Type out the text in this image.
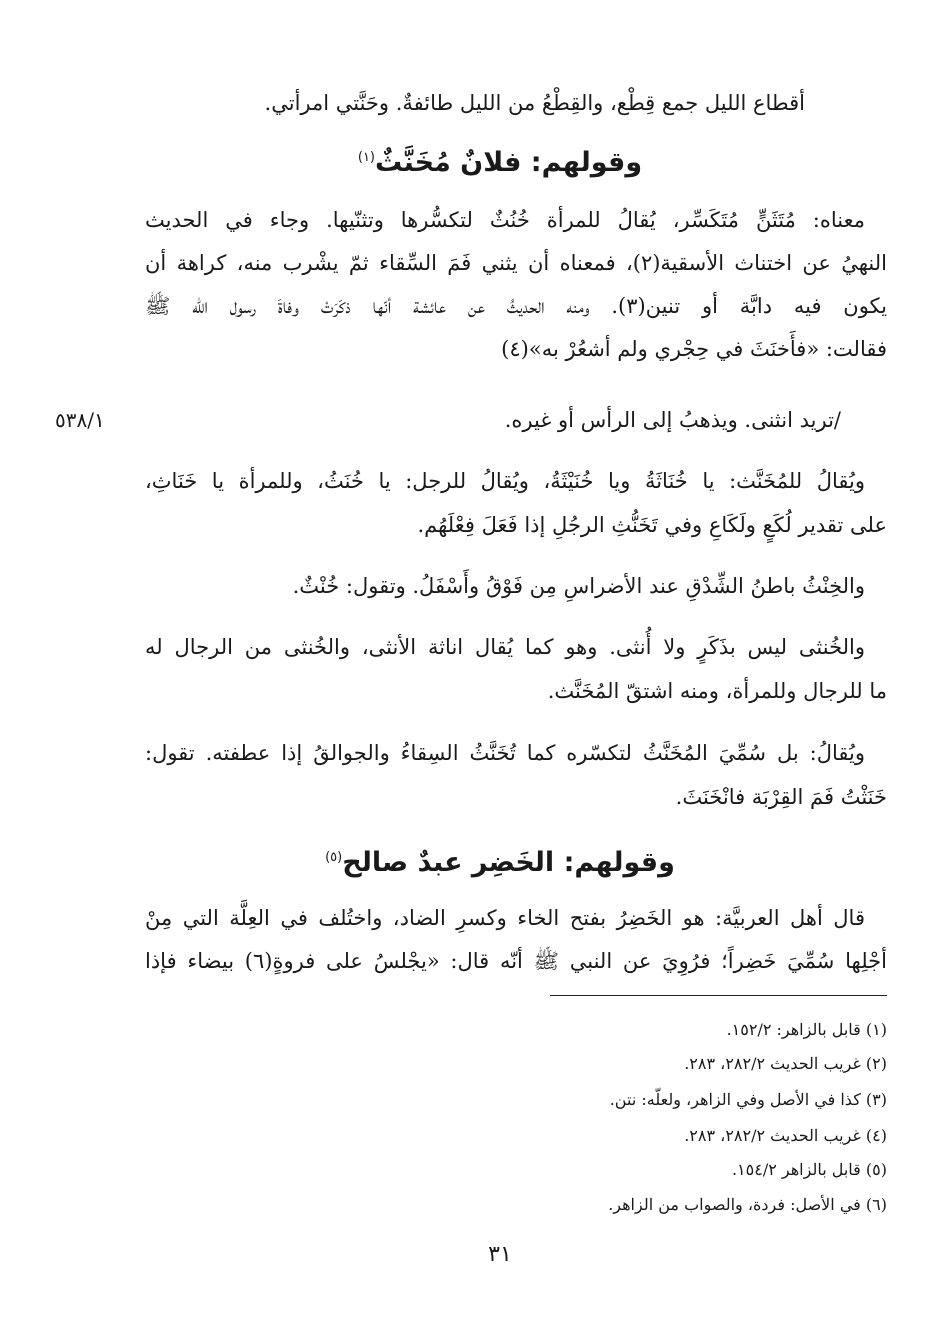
أقطاع الليل جمع قِطْع، والقِطْعُ من الليل طائفةٌ. وحَنَّتي امرأتي.
وقولهم: فلانٌ مُخَنَّثٌ$^{(١)}$
معناه: مُتَثَنٍّ مُتَكَسِّر، يُقالُ للمرأة خُنُثٌ لتكسُّرها وتثنّيها. وجاء في الحديث
النهيُ عن اختناث الأسقية(٢)، فمعناه أن يثني فَمَ السِّقاء ثمّ يشْرب منه، كراهة أن
يكون فيه دابَّة أو تنين(٣). ومنه الحديثُ عن عائشة أنّها ذكَرَتْ وفاةَ رسول الله ﷺ
فقالت: «فأَخنَثَ في حِجْري ولم أشعُرْ به»(٤)
٥٣٨/١	/تريد انثنى. ويذهبُ إلى الرأس أو غيره.
ويُقالُ للمُخَنَّث: يا خُنَاثَةُ ويا خُنَيْثَةُ، ويُقالُ للرجل: يا خُنَثُ، وللمرأة يا خَنَاثِ،
على تقدير لُكَعٍ ولَكَاعِ وفي تَخَنُّثِ الرجُلِ إذا فَعَلَ فِعْلَهُم.
والخِنْثُ باطنُ الشِّدْقِ عند الأضراسِ مِن فَوْقُ وأَسْفَلُ. وتقول: خُنْثٌ.
والخُنثى ليس بذَكَرٍ ولا أُنثى. وهو كما يُقال اناثة الأنثى، والخُنثى من الرجال له
ما للرجال وللمرأة، ومنه اشتقّ المُخَنَّث.
ويُقالُ: بل سُمِّيَ المُخَنَّثُ لتكسّره كما تُخَنَّثُ السِقاءُ والجوالقُ إذا عطفته. تقول:
خَنَثْتُ فَمَ القِرْبَة فانْخَنَثَ.
وقولهم: الخَضِر عبدٌ صالح$^{(٥)}$
قال أهل العربيَّة: هو الخَضِرُ بفتح الخاء وكسرِ الضاد، واختُلف في العِلَّة التي مِنْ
أجْلِها سُمِّيَ خَضِراً؛ فرُوِيَ عن النبي ﷺ أنّه قال: «يجْلسُ على فروةٍ(٦) بيضاء فإذا
(١) قابل بالزاهر: ١٥٢/٢.
(٢) غريب الحديث ٢٨٢/٢، ٢٨٣.
(٣) كذا في الأصل وفي الزاهر، ولعلّه: نتن.
(٤) غريب الحديث ٢٨٢/٢، ٢٨٣.
(٥) قابل بالزاهر ١٥٤/٢.
(٦) في الأصل: فردة، والصواب من الزاهر.
٣١
